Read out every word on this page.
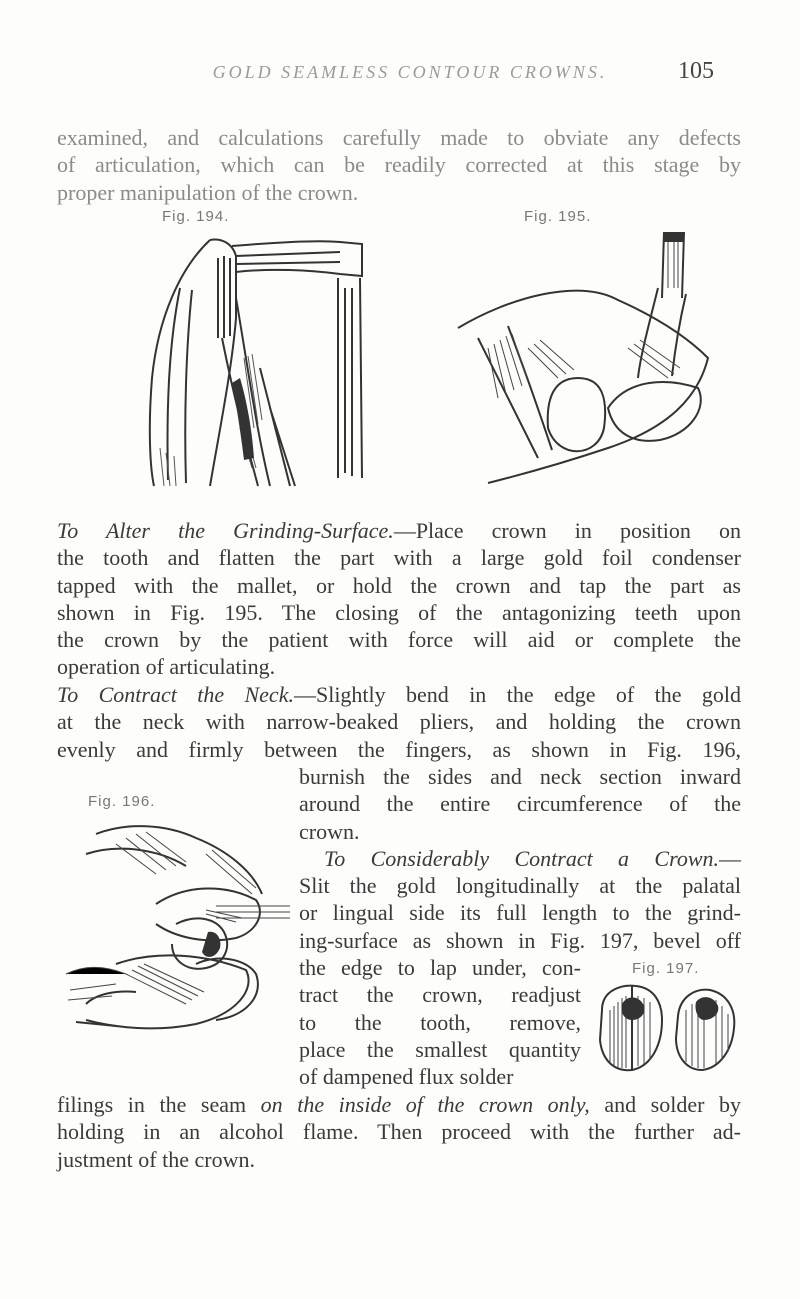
GOLD SEAMLESS CONTOUR CROWNS.	105
examined, and calculations carefully made to obviate any defects
of articulation, which can be readily corrected at this stage by
proper manipulation of the crown.
Fig. 194.	Fig. 195.
To Alter the Grinding-Surface.—Place crown in position on
the tooth and flatten the part with a large gold foil condenser
tapped with the mallet, or hold the crown and tap the part as
shown in Fig. 195. The closing of the antagonizing teeth upon
the crown by the patient with force will aid or complete the
operation of articulating.
To Contract the Neck.—Slightly bend in the edge of the gold
at the neck with narrow-beaked pliers, and holding the crown
evenly and firmly between the fingers, as shown in Fig. 196,
burnish the sides and neck section inward
around the entire circumference of the
crown.
Fig. 196.
To Considerably Contract a Crown.—
Slit the gold longitudinally at the palatal
or lingual side its full length to the grind-
ing-surface as shown in Fig. 197, bevel off
the edge to lap under, con-
tract the crown, readjust
to the tooth, remove,
place the smallest quantity
of dampened flux solder
Fig. 197.
filings in the seam on the inside of the crown only, and solder by
holding in an alcohol flame. Then proceed with the further ad-
justment of the crown.
